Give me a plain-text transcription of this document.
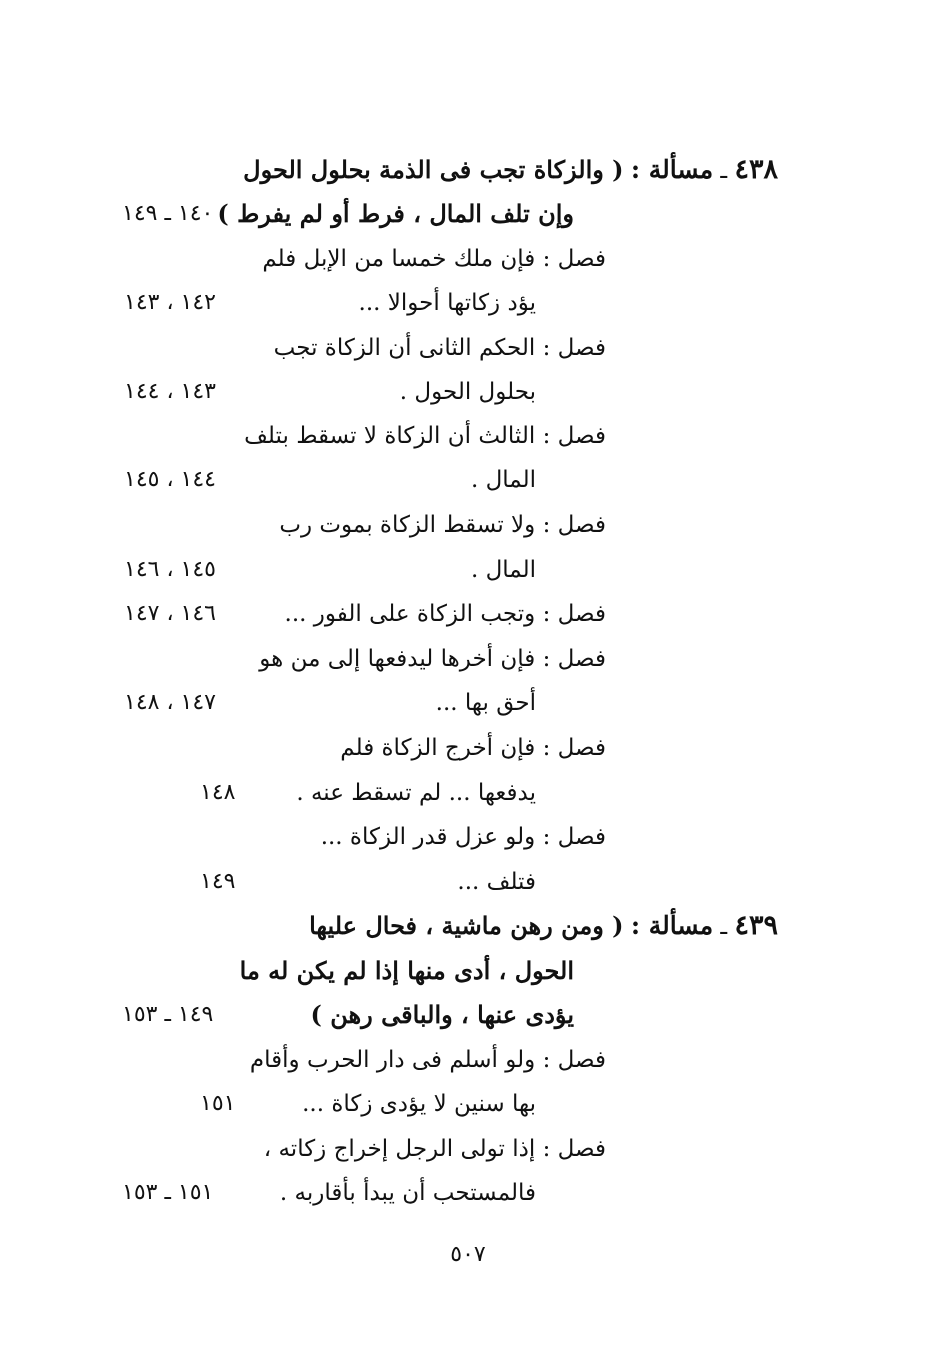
٤٣٨ ـ مسألة : ( والزكاة تجب فى الذمة بحلول الحول
وإن تلف المال ، فرط أو لم يفرط )
١٤٠ ـ ١٤٩
فصل : فإن ملك خمسا من الإبل فلم
يؤد زكاتها أحوالا ...
١٤٢ ، ١٤٣
فصل : الحكم الثانى أن الزكاة تجب
بحلول الحول .
١٤٣ ، ١٤٤
فصل : الثالث أن الزكاة لا تسقط بتلف
المال .
١٤٤ ، ١٤٥
فصل : ولا تسقط الزكاة بموت رب
المال .
١٤٥ ، ١٤٦
فصل : وتجب الزكاة على الفور ...
١٤٦ ، ١٤٧
فصل : فإن أخرها ليدفعها إلى من هو
أحق بها ...
١٤٧ ، ١٤٨
فصل : فإن أخرج الزكاة فلم
يدفعها ... لم تسقط عنه .
١٤٨
فصل : ولو عزل قدر الزكاة ...
فتلف ...
١٤٩
٤٣٩ ـ مسألة : ( ومن رهن ماشية ، فحال عليها
الحول ، أدى منها إذا لم يكن له ما
يؤدى عنها ، والباقى رهن )
١٤٩ ـ ١٥٣
فصل : ولو أسلم فى دار الحرب وأقام
بها سنين لا يؤدى زكاة ...
١٥١
فصل : إذا تولى الرجل إخراج زكاته ،
فالمستحب أن يبدأ بأقاربه .
١٥١ ـ ١٥٣
٥٠٧
